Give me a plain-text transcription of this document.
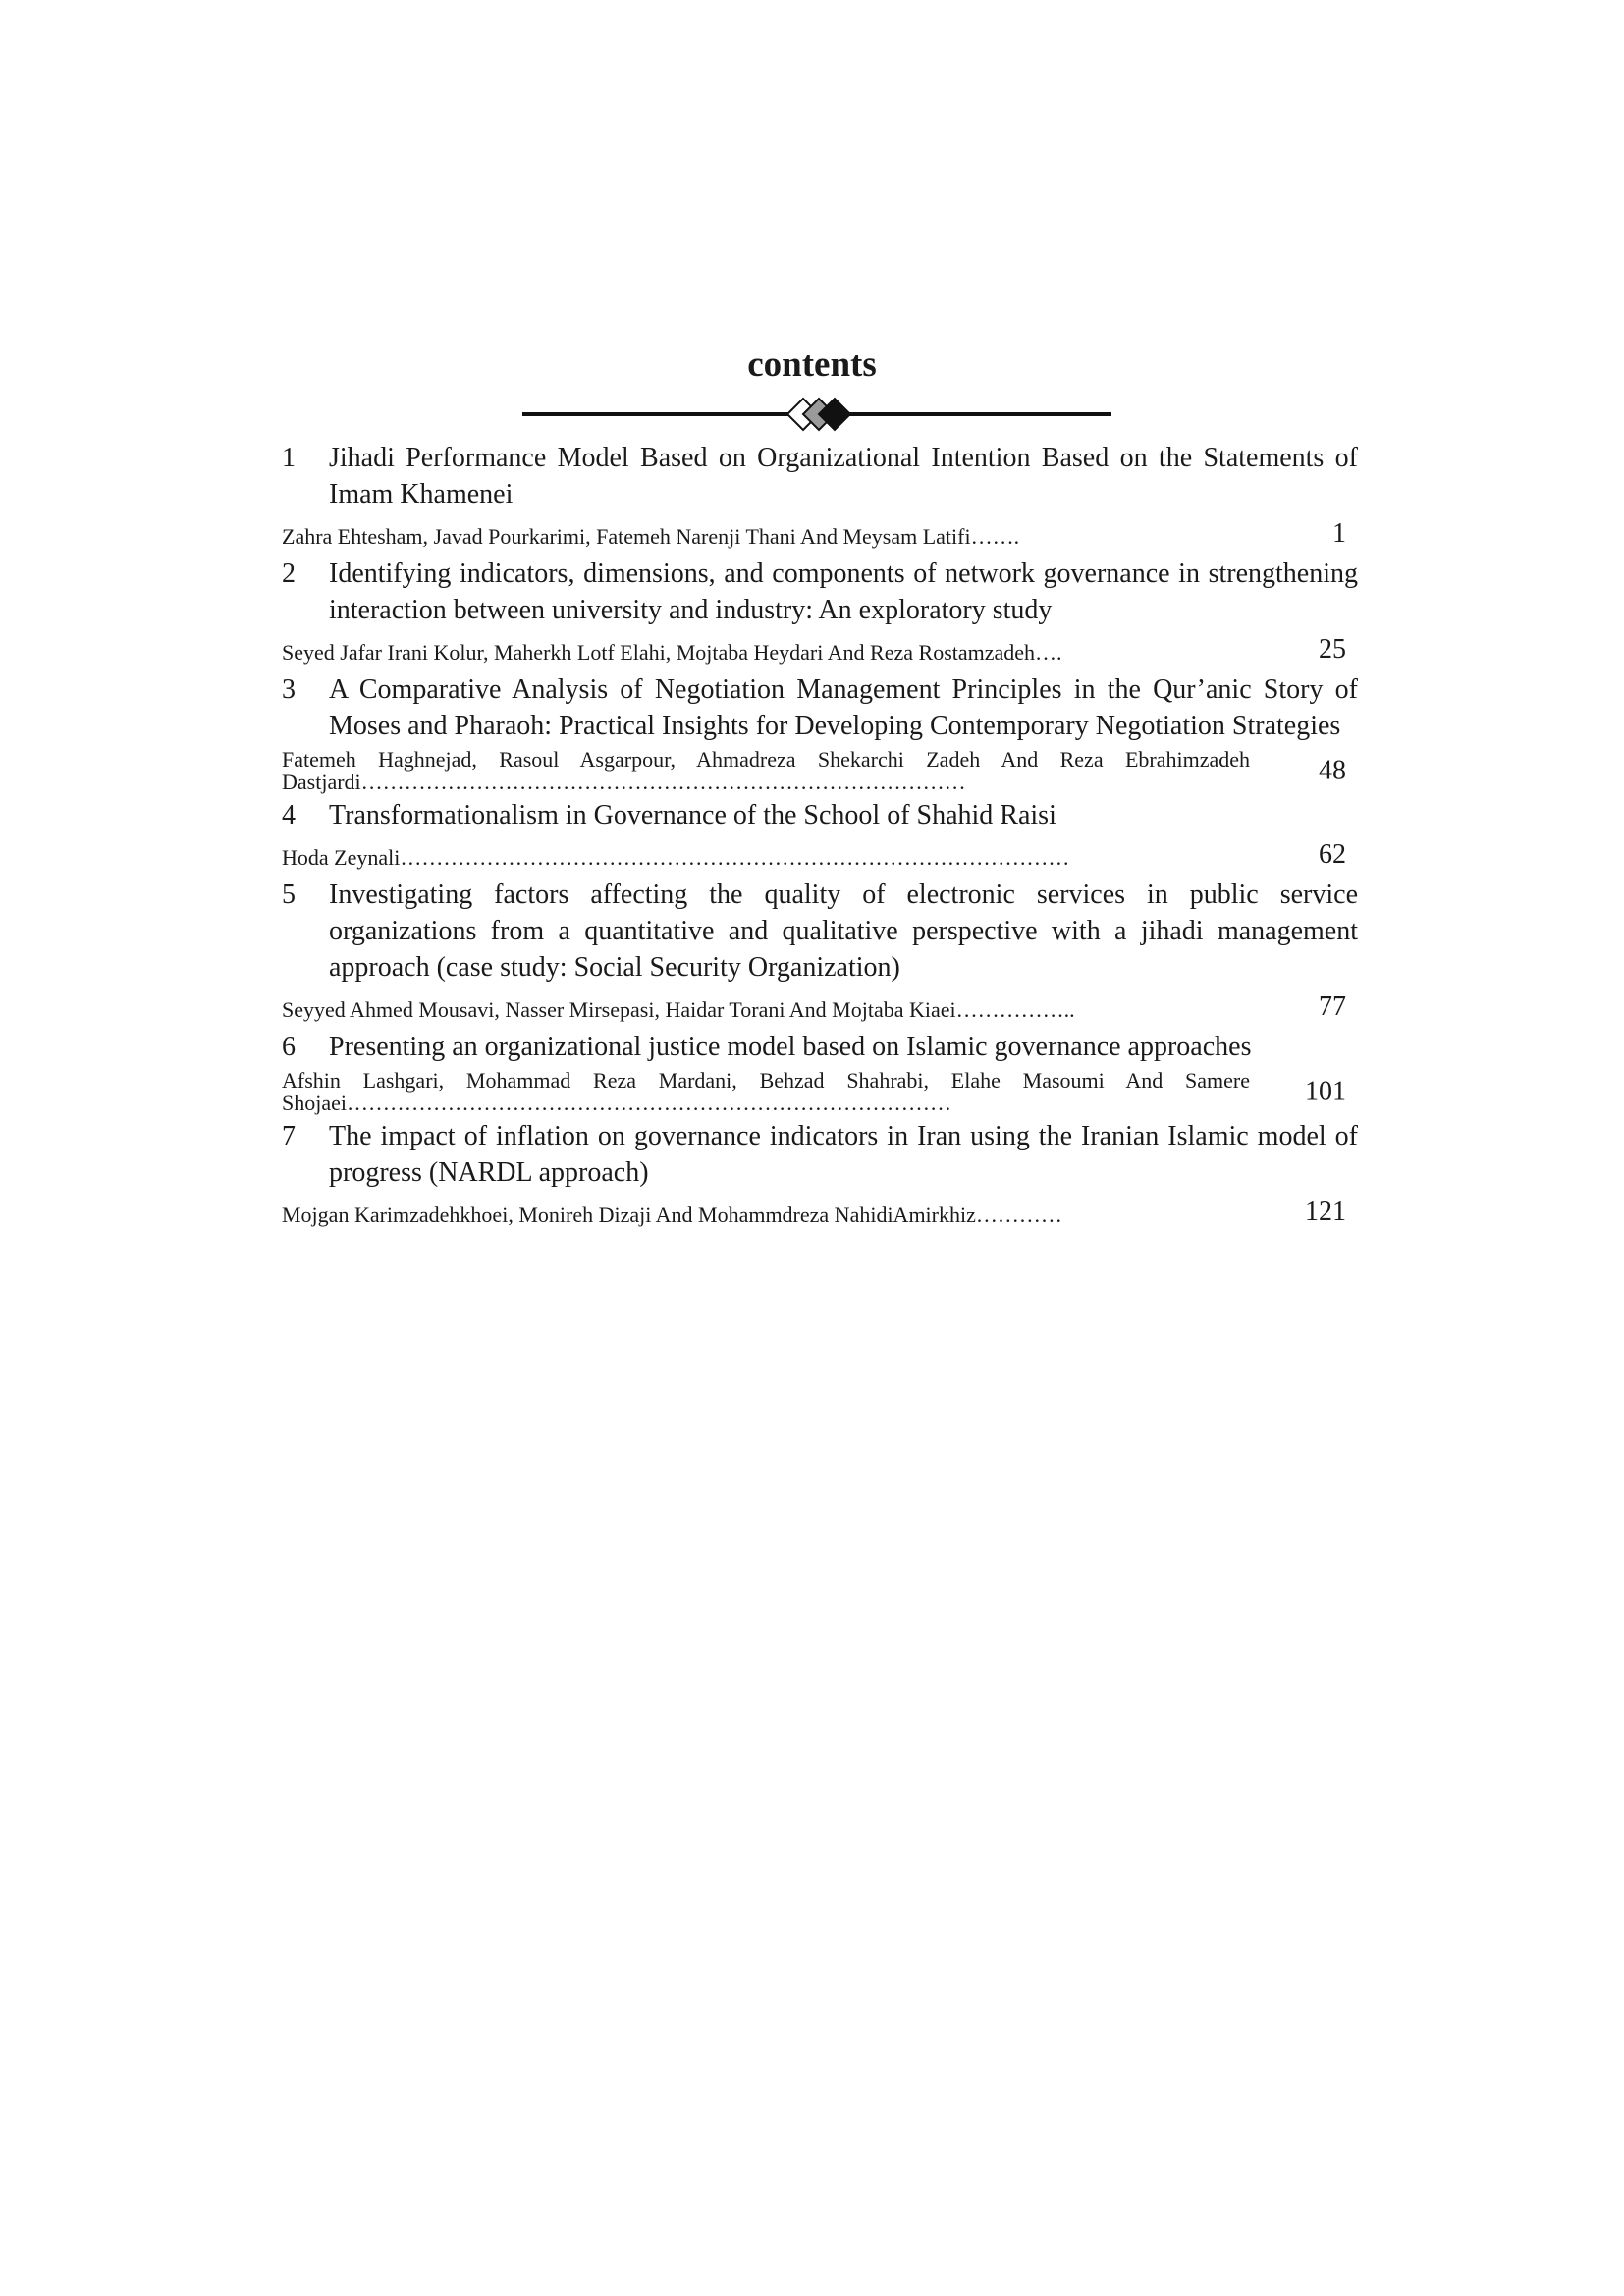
contents
1 Jihadi Performance Model Based on Organizational Intention Based on the Statements of Imam Khamenei
Zahra Ehtesham, Javad Pourkarimi, Fatemeh Narenji Thani And Meysam Latifi…….	1
2 Identifying indicators, dimensions, and components of network governance in strengthening interaction between university and industry: An exploratory study
Seyed Jafar Irani Kolur, Maherkh Lotf Elahi, Mojtaba Heydari And Reza Rostamzadeh….	25
3 A Comparative Analysis of Negotiation Management Principles in the Qur’anic Story of Moses and Pharaoh: Practical Insights for Developing Contemporary Negotiation Strategies
Fatemeh Haghnejad, Rasoul Asgarpour, Ahmadreza Shekarchi Zadeh And Reza Ebrahimzadeh Dastjardi…………………………………………………………………………	48
4 Transformationalism in Governance of the School of Shahid Raisi
Hoda Zeynali…………………………………………………………………………………	62
5 Investigating factors affecting the quality of electronic services in public service organizations from a quantitative and qualitative perspective with a jihadi management approach (case study: Social Security Organization)
Seyyed Ahmed Mousavi, Nasser Mirsepasi, Haidar Torani And Mojtaba Kiaei……………..	77
6 Presenting an organizational justice model based on Islamic governance approaches
Afshin Lashgari, Mohammad Reza Mardani, Behzad Shahrabi, Elahe Masoumi And Samere Shojaei…………………………………………………………………………	101
7 The impact of inflation on governance indicators in Iran using the Iranian Islamic model of progress (NARDL approach)
Mojgan Karimzadehkhoei, Monireh Dizaji And Mohammdreza NahidiAmirkhiz…………	121
